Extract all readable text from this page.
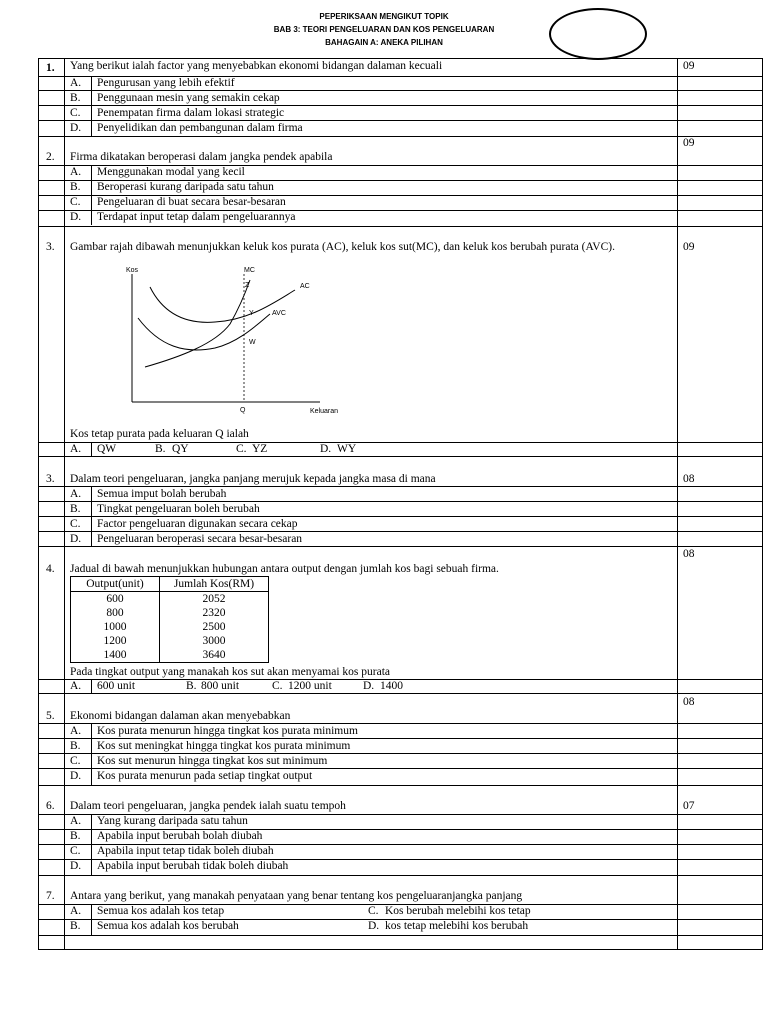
PEPERIKSAAN MENGIKUT TOPIK
BAB 3: TEORI PENGELUARAN DAN KOS PENGELUARAN
BAHAGAIN A: ANEKA PILIHAN
1. Yang berikut ialah factor yang menyebabkan ekonomi bidangan dalaman kecuali	09
A. Pengurusan yang lebih efektif
B. Penggunaan mesin yang semakin cekap
C. Penempatan firma dalam lokasi strategic
D. Penyelidikan dan pembangunan dalam firma
09
2. Firma dikatakan beroperasi dalam jangka pendek apabila
A. Menggunakan modal yang kecil
B. Beroperasi kurang daripada satu tahun
C. Pengeluaran di buat secara besar-besaran
D. Terdapat input tetap dalam pengeluarannya
3. Gambar rajah dibawah menunjukkan keluk kos purata (AC), keluk kos sut(MC), dan keluk kos berubah purata (AVC).	09
Kos	MC
Z	AC
Y	AVC
W
Q	Keluaran
Kos tetap purata pada keluaran Q ialah
A. QW	B. QY	C. YZ	D. WY
3. Dalam teori pengeluaran, jangka panjang merujuk kepada jangka masa di mana	08
A. Semua imput bolah berubah
B. Tingkat pengeluaran boleh berubah
C. Factor pengeluaran digunakan secara cekap
D. Pengeluaran beroperasi secara besar-besaran
08
4. Jadual di bawah menunjukkan hubungan antara output dengan jumlah kos bagi sebuah firma.
Output(unit)	Jumlah Kos(RM)
600	2052
800	2320
1000	2500
1200	3000
1400	3640
Pada tingkat output yang manakah kos sut akan menyamai kos purata
A. 600 unit	B. 800 unit	C. 1200 unit	D. 1400
08
5. Ekonomi bidangan dalaman akan menyebabkan
A. Kos purata menurun hingga tingkat kos purata minimum
B. Kos sut meningkat hingga tingkat kos purata minimum
C. Kos sut menurun hingga tingkat kos sut minimum
D. Kos purata menurun pada setiap tingkat output
6. Dalam teori pengeluaran, jangka pendek ialah suatu tempoh	07
A. Yang kurang daripada satu tahun
B. Apabila input berubah bolah diubah
C. Apabila input tetap tidak boleh diubah
D. Apabila input berubah tidak boleh diubah
7. Antara yang berikut, yang manakah penyataan yang benar tentang kos pengeluaranjangka panjang
A. Semua kos adalah kos tetap	C. Kos berubah melebihi kos tetap
B. Semua kos adalah kos berubah	D. kos tetap melebihi kos berubah
